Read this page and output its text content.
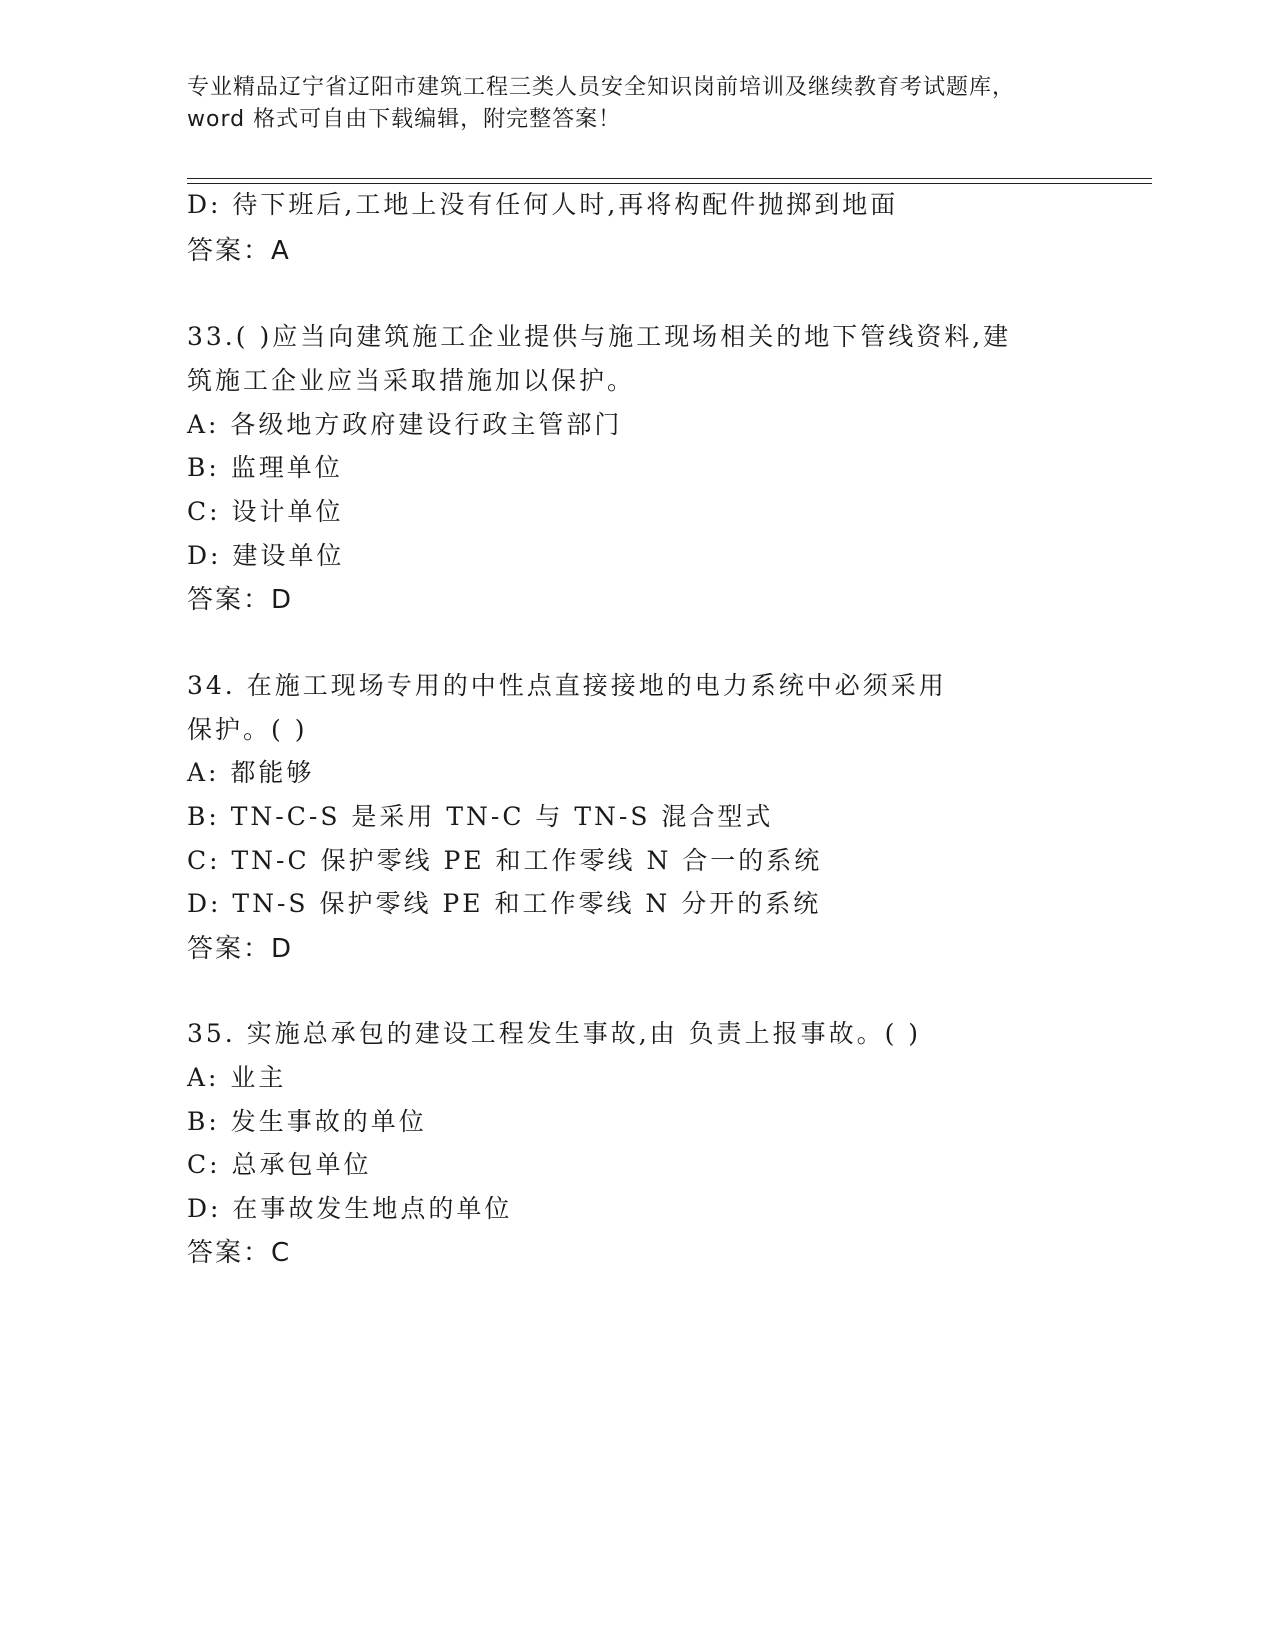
专业精品辽宁省辽阳市建筑工程三类人员安全知识岗前培训及继续教育考试题库，
word 格式可自由下载编辑，附完整答案！
D: 待下班后,工地上没有任何人时,再将构配件抛掷到地面
答案：A
33.( )应当向建筑施工企业提供与施工现场相关的地下管线资料,建
筑施工企业应当采取措施加以保护。
A: 各级地方政府建设行政主管部门
B: 监理单位
C: 设计单位
D: 建设单位
答案：D
34. 在施工现场专用的中性点直接接地的电力系统中必须采用
保护。( )
A: 都能够
B: TN-C-S 是采用 TN-C 与 TN-S 混合型式
C: TN-C 保护零线 PE 和工作零线 N 合一的系统
D: TN-S 保护零线 PE 和工作零线 N 分开的系统
答案：D
35. 实施总承包的建设工程发生事故,由 负责上报事故。( )
A: 业主
B: 发生事故的单位
C: 总承包单位
D: 在事故发生地点的单位
答案：C
